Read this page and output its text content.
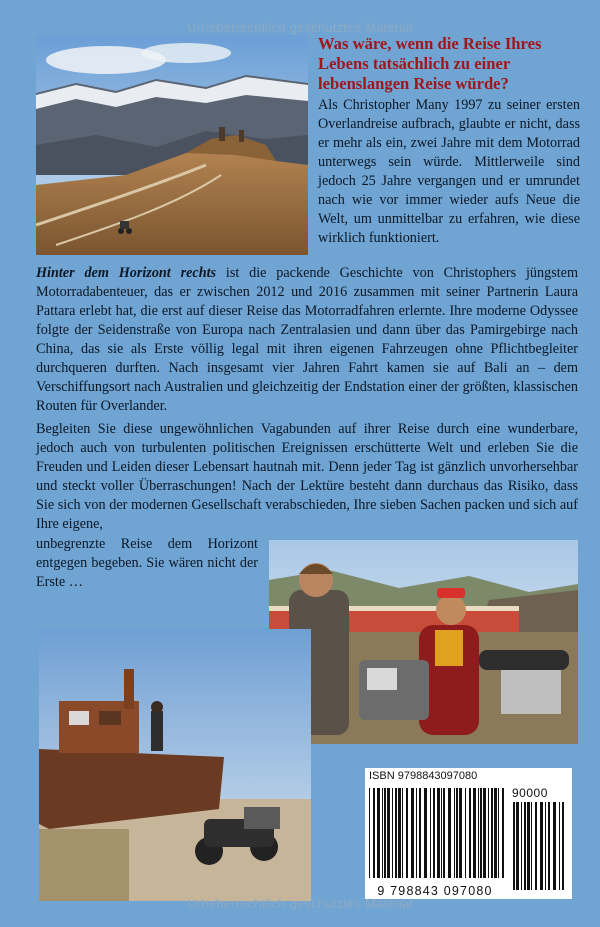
Urheberrechtlich geschütztes Material
Was wäre, wenn die Reise Ihres Lebens tatsächlich zu einer lebenslangen Reise würde?

Als Christopher Many 1997 zu seiner ersten Overlandreise aufbrach, glaubte er nicht, dass er mehr als ein, zwei Jahre mit dem Motorrad unterwegs sein würde. Mittlerweile sind jedoch 25 Jahre vergangen und er umrundet nach wie vor immer wieder aufs Neue die Welt, um unmittelbar zu erfahren, wie diese wirklich funktioniert.

Hinter dem Horizont rechts ist die packende Geschichte von Christophers jüngstem Motorradabenteuer, das er zwischen 2012 und 2016 zusammen mit seiner Partnerin Laura Pattara erlebt hat, die erst auf dieser Reise das Motorradfahren erlernte. Ihre moderne Odyssee folgte der Seidenstraße von Europa nach Zentralasien und dann über das Pamirgebirge nach China, das sie als Erste völlig legal mit ihren eigenen Fahrzeugen ohne Pflichtbegleiter durchqueren durften. Nach insgesamt vier Jahren Fahrt kamen sie auf Bali an – dem Verschiffungsort nach Australien und gleichzeitig der Endstation einer der größten, klassischen Routen für Overlander.

Begleiten Sie diese ungewöhnlichen Vagabunden auf ihrer Reise durch eine wunderbare, jedoch auch von turbulenten politischen Ereignissen erschütterte Welt und erleben Sie die Freuden und Leiden dieser Lebensart hautnah mit. Denn jeder Tag ist gänzlich unvorhersehbar und steckt voller Überraschungen! Nach der Lektüre besteht dann durchaus das Risiko, dass Sie sich von der modernen Gesellschaft verabschieden, Ihre sieben Sachen packen und sich auf Ihre eigene,

unbegrenzte Reise dem Horizont entgegen begeben. Sie wären nicht der Erste …

ISBN 9798843097080
90000
9 798843 097080
Urheberrechtlich geschütztes Material
